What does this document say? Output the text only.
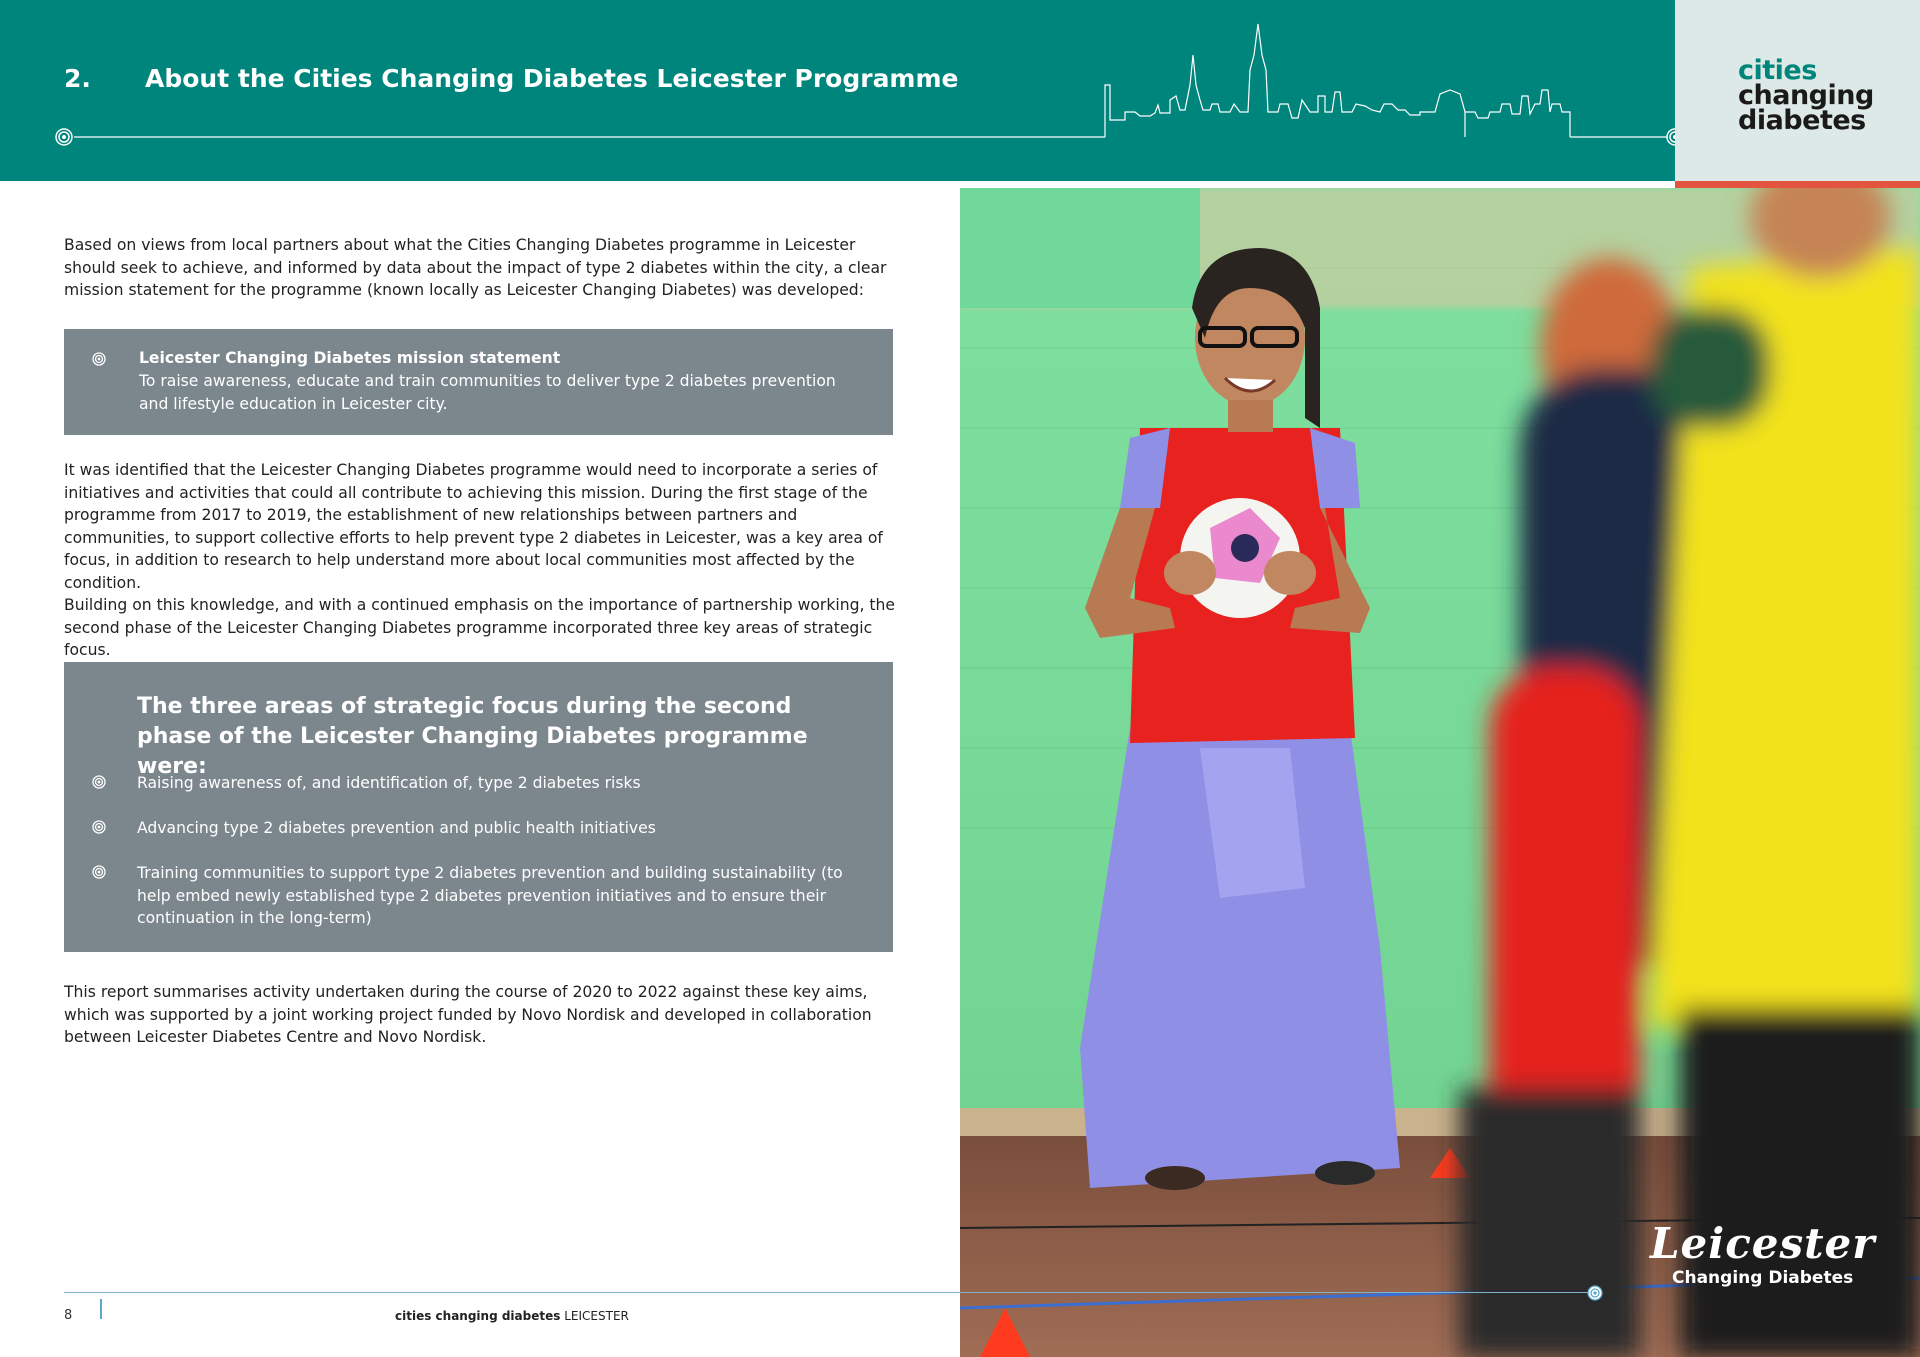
2. About the Cities Changing Diabetes Leicester Programme	cities
changing
diabetes

Based on views from local partners about what the Cities Changing Diabetes programme in Leicester should seek to achieve, and informed by data about the impact of type 2 diabetes within the city, a clear mission statement for the programme (known locally as Leicester Changing Diabetes) was developed:

Leicester Changing Diabetes mission statement
To raise awareness, educate and train communities to deliver type 2 diabetes prevention and lifestyle education in Leicester city.

It was identified that the Leicester Changing Diabetes programme would need to incorporate a series of initiatives and activities that could all contribute to achieving this mission. During the first stage of the programme from 2017 to 2019, the establishment of new relationships between partners and communities, to support collective efforts to help prevent type 2 diabetes in Leicester, was a key area of focus, in addition to research to help understand more about local communities most affected by the condition.

Building on this knowledge, and with a continued emphasis on the importance of partnership working, the second phase of the Leicester Changing Diabetes programme incorporated three key areas of strategic focus.

The three areas of strategic focus during the second phase of the Leicester Changing Diabetes programme were:
Raising awareness of, and identification of, type 2 diabetes risks
Advancing type 2 diabetes prevention and public health initiatives
Training communities to support type 2 diabetes prevention and building sustainability (to help embed newly established type 2 diabetes prevention initiatives and to ensure their continuation in the long-term)

This report summarises activity undertaken during the course of 2020 to 2022 against these key aims, which was supported by a joint working project funded by Novo Nordisk and developed in collaboration between Leicester Diabetes Centre and Novo Nordisk.

Leicester
Changing Diabetes
8	cities changing diabetes LEICESTER
